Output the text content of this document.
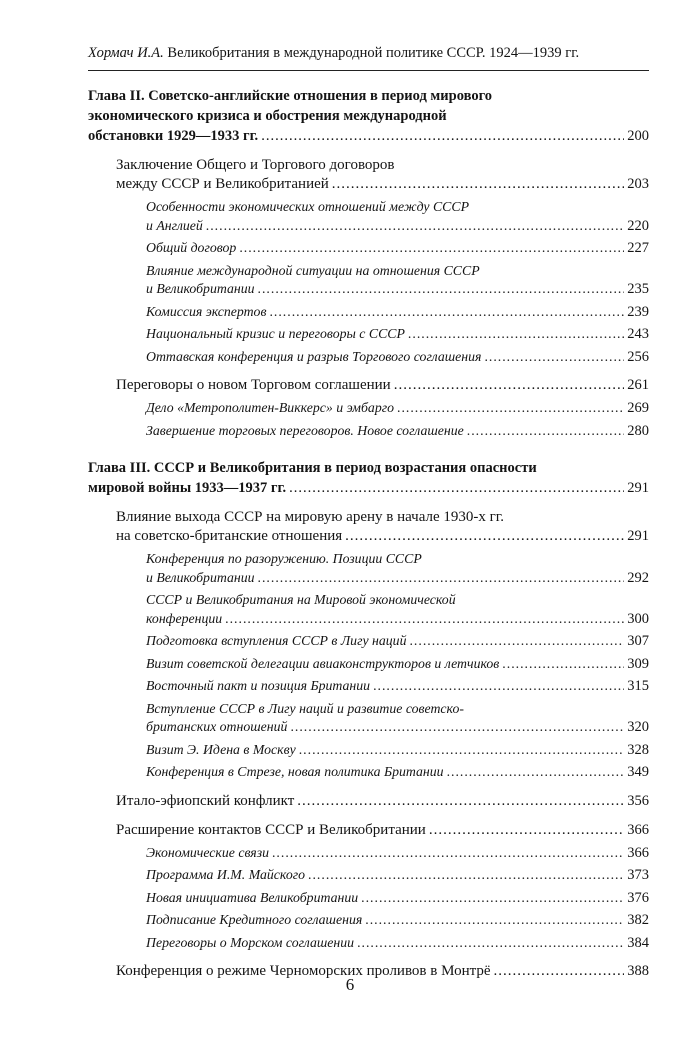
Хормач И.А. Великобритания в международной политике СССР. 1924—1939 гг.
Глава II. Советско-английские отношения в период мирового
экономического кризиса и обострения международной
обстановки 1929—1933 гг. .....	200
Заключение Общего и Торгового договоров
между СССР и Великобританией .....	203
Особенности экономических отношений между СССР
и Англией .....	220
Общий договор .....	227
Влияние международной ситуации на отношения СССР
и Великобритании .....	235
Комиссия экспертов .....	239
Национальный кризис и переговоры с СССР .....	243
Оттавская конференция и разрыв Торгового соглашения .....	256
Переговоры о новом Торговом соглашении .....	261
Дело «Метрополитен-Виккерс» и эмбарго .....	269
Завершение торговых переговоров. Новое соглашение .....	280
Глава III. СССР и Великобритания в период возрастания опасности
мировой войны 1933—1937 гг. .....	291
Влияние выхода СССР на мировую арену в начале 1930-х гг.
на советско-британские отношения .....	291
Конференция по разоружению. Позиции СССР
и Великобритании .....	292
СССР и Великобритания на Мировой экономической
конференции .....	300
Подготовка вступления СССР в Лигу наций .....	307
Визит советской делегации авиаконструкторов и летчиков .....	309
Восточный пакт и позиция Британии .....	315
Вступление СССР в Лигу наций и развитие советско-
британских отношений .....	320
Визит Э. Идена в Москву .....	328
Конференция в Стрезе, новая политика Британии .....	349
Итало-эфиопский конфликт .....	356
Расширение контактов СССР и Великобритании .....	366
Экономические связи .....	366
Программа И.М. Майского .....	373
Новая инициатива Великобритании .....	376
Подписание Кредитного соглашения .....	382
Переговоры о Морском соглашении .....	384
Конференция о режиме Черноморских проливов в Монтрё .....	388
6
